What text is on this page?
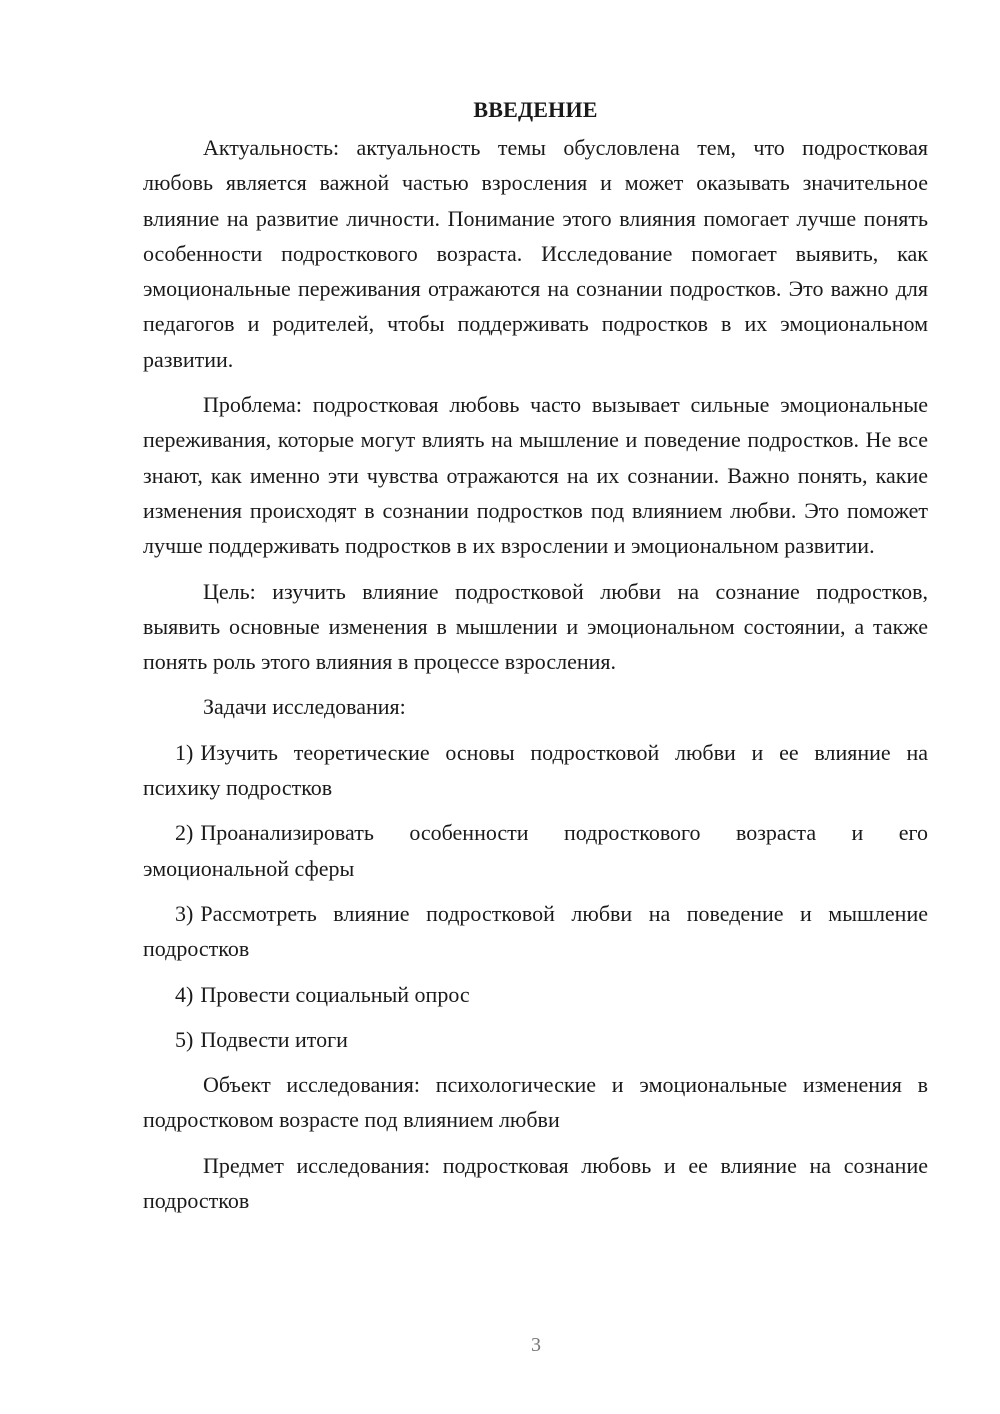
ВВЕДЕНИЕ

Актуальность: актуальность темы обусловлена тем, что подростковая любовь является важной частью взросления и может оказывать значительное влияние на развитие личности. Понимание этого влияния помогает лучше понять особенности подросткового возраста. Исследование помогает выявить, как эмоциональные переживания отражаются на сознании подростков. Это важно для педагогов и родителей, чтобы поддерживать подростков в их эмоциональном развитии.

Проблема: подростковая любовь часто вызывает сильные эмоциональные переживания, которые могут влиять на мышление и поведение подростков. Не все знают, как именно эти чувства отражаются на их сознании. Важно понять, какие изменения происходят в сознании подростков под влиянием любви. Это поможет лучше поддерживать подростков в их взрослении и эмоциональном развитии.

Цель: изучить влияние подростковой любви на сознание подростков, выявить основные изменения в мышлении и эмоциональном состоянии, а также понять роль этого влияния в процессе взросления.

Задачи исследования:

1) Изучить теоретические основы подростковой любви и ее влияние на психику подростков

2) Проанализировать особенности подросткового возраста и его эмоциональной сферы

3) Рассмотреть влияние подростковой любви на поведение и мышление подростков

4) Провести социальный опрос

5) Подвести итоги

Объект исследования: психологические и эмоциональные изменения в подростковом возрасте под влиянием любви

Предмет исследования: подростковая любовь и ее влияние на сознание подростков

3
